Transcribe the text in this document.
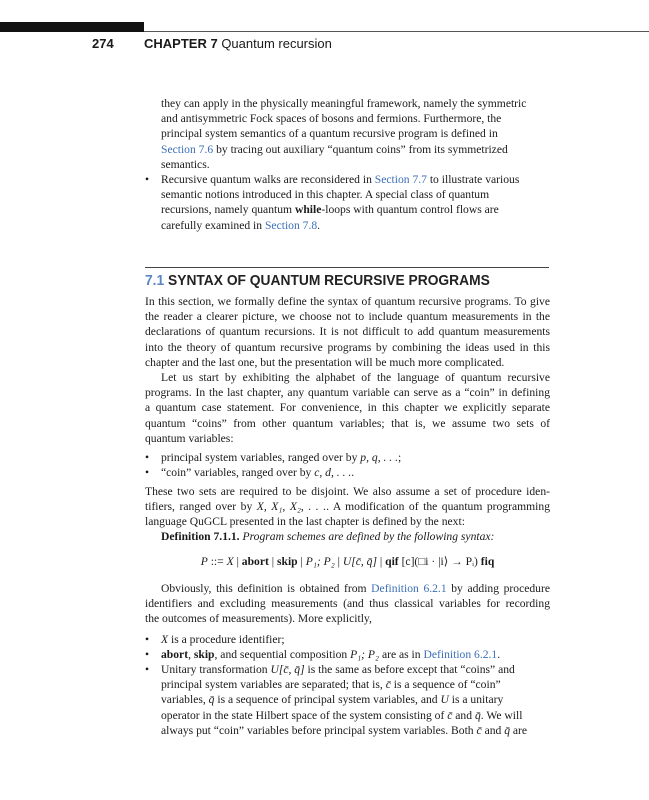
274 CHAPTER 7 Quantum recursion
they can apply in the physically meaningful framework, namely the symmetric
and antisymmetric Fock spaces of bosons and fermions. Furthermore, the
principal system semantics of a quantum recursive program is defined in
Section 7.6 by tracing out auxiliary “quantum coins” from its symmetrized
semantics.
• Recursive quantum walks are reconsidered in Section 7.7 to illustrate various
semantic notions introduced in this chapter. A special class of quantum
recursions, namely quantum while-loops with quantum control flows are
carefully examined in Section 7.8.
7.1 SYNTAX OF QUANTUM RECURSIVE PROGRAMS
In this section, we formally define the syntax of quantum recursive programs. To give
the reader a clearer picture, we choose not to include quantum measurements in the
declarations of quantum recursions. It is not difficult to add quantum measurements
into the theory of quantum recursive programs by combining the ideas used in this
chapter and the last one, but the presentation will be much more complicated.
Let us start by exhibiting the alphabet of the language of quantum recursive
programs. In the last chapter, any quantum variable can serve as a “coin” in defining
a quantum case statement. For convenience, in this chapter we explicitly separate
quantum “coins” from other quantum variables; that is, we assume two sets of
quantum variables:
• principal system variables, ranged over by p, q, . . .;
• “coin” variables, ranged over by c, d, . . ..
These two sets are required to be disjoint. We also assume a set of procedure iden-
tifiers, ranged over by X, X₁, X₂, . . .. A modification of the quantum programming
language QuGCL presented in the last chapter is defined by the next:
Definition 7.1.1. Program schemes are defined by the following syntax:
P ::= X | abort | skip | P₁; P₂ | U[c̄, q̄] | qif [c](□i · |i⟩ → Pᵢ) fiq
Obviously, this definition is obtained from Definition 6.2.1 by adding procedure
identifiers and excluding measurements (and thus classical variables for recording
the outcomes of measurements). More explicitly,
• X is a procedure identifier;
• abort, skip, and sequential composition P₁; P₂ are as in Definition 6.2.1.
• Unitary transformation U[c̄, q̄] is the same as before except that “coins” and
principal system variables are separated; that is, c̄ is a sequence of “coin”
variables, q̄ is a sequence of principal system variables, and U is a unitary
operator in the state Hilbert space of the system consisting of c̄ and q̄. We will
always put “coin” variables before principal system variables. Both c̄ and q̄ are
